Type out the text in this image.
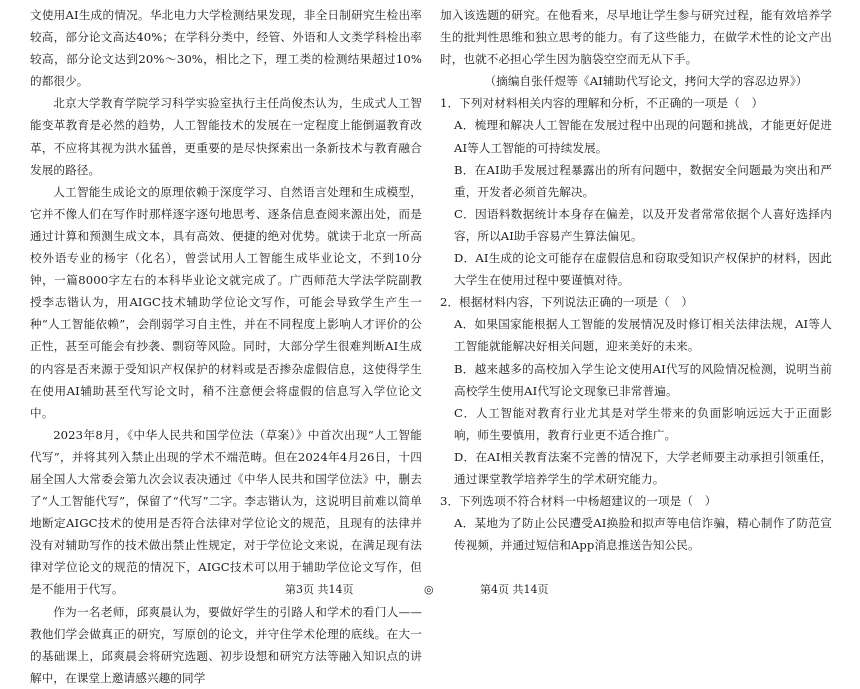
文使用AI生成的情况。华北电力大学检测结果发现，非全日制研究生检出率较高，部分论文高达40%；在学科分类中，经管、外语和人文类学科检出率较高，部分论文达到20%～30%，相比之下，理工类的检测结果超过10%的都很少。

北京大学教育学院学习科学实验室执行主任尚俊杰认为，生成式人工智能变革教育是必然的趋势，人工智能技术的发展在一定程度上能倒逼教育改革，不应将其视为洪水猛兽，更重要的是尽快探索出一条新技术与教育融合发展的路径。

人工智能生成论文的原理依赖于深度学习、自然语言处理和生成模型，它并不像人们在写作时那样逐字逐句地思考、逐条信息查阅来源出处，而是通过计算和预测生成文本，具有高效、便捷的绝对优势。就读于北京一所高校外语专业的杨宇（化名），曾尝试用人工智能生成毕业论文，不到10分钟，一篇8000字左右的本科毕业论文就完成了。广西师范大学法学院副教授李志锴认为，用AIGC技术辅助学位论文写作，可能会导致学生产生一种“人工智能依赖”，会削弱学习自主性，并在不同程度上影响人才评价的公正性，甚至可能会有抄袭、剽窃等风险。同时，大部分学生很难判断AI生成的内容是否来源于受知识产权保护的材料或是否掺杂虚假信息，这使得学生在使用AI辅助甚至代写论文时，稍不注意便会将虚假的信息写入学位论文中。

2023年8月，《中华人民共和国学位法（草案）》中首次出现“人工智能代写”，并将其列入禁止出现的学术不端范畴。但在2024年4月26日，十四届全国人大常委会第九次会议表决通过《中华人民共和国学位法》中，删去了“人工智能代写”，保留了“代写”二字。李志锴认为，这说明目前难以简单地断定AIGC技术的使用是否符合法律对学位论文的规范，且现有的法律并没有对辅助写作的技术做出禁止性规定，对于学位论文来说，在满足现有法律对学位论文的规范的情况下，AIGC技术可以用于辅助学位论文写作，但是不能用于代写。

作为一名老师，邱爽晨认为，要做好学生的引路人和学术的看门人——教他们学会做真正的研究，写原创的论文，并守住学术伦理的底线。在大一的基础课上，邱爽晨会将研究选题、初步设想和研究方法等融入知识点的讲解中，在课堂上邀请感兴趣的同学

加入该选题的研究。在他看来，尽早地让学生参与研究过程，能有效培养学生的批判性思维和独立思考的能力。有了这些能力，在做学术性的论文产出时，也就不必担心学生因为脑袋空空而无从下手。

（摘编自张仟煜等《AI辅助代写论文，拷问大学的容忍边界》）

1．下列对材料相关内容的理解和分析，不正确的一项是（　）

A．梳理和解决人工智能在发展过程中出现的问题和挑战，才能更好促进AI等人工智能的可持续发展。

B．在AI助手发展过程暴露出的所有问题中，数据安全问题最为突出和严重，开发者必须首先解决。

C．因语料数据统计本身存在偏差，以及开发者常常依据个人喜好选择内容，所以AI助手容易产生算法偏见。

D．AI生成的论文可能存在虚假信息和窃取受知识产权保护的材料，因此大学生在使用过程中要谨慎对待。

2．根据材料内容，下列说法正确的一项是（　）

A．如果国家能根据人工智能的发展情况及时修订相关法律法规，AI等人工智能就能解决好相关问题，迎来美好的未来。

B．越来越多的高校加入学生论文使用AI代写的风险情况检测，说明当前高校学生使用AI代写论文现象已非常普遍。

C．人工智能对教育行业尤其是对学生带来的负面影响远远大于正面影响，师生要慎用，教育行业更不适合推广。

D．在AI相关教育法案不完善的情况下，大学老师要主动承担引领重任，通过课堂教学培养学生的学术研究能力。

3．下列选项不符合材料一中杨超建议的一项是（　）

A．某地为了防止公民遭受AI换脸和拟声等电信诈骗，精心制作了防范宣传视频，并通过短信和App消息推送告知公民。

第3页 共14页	◎	第4页 共14页
